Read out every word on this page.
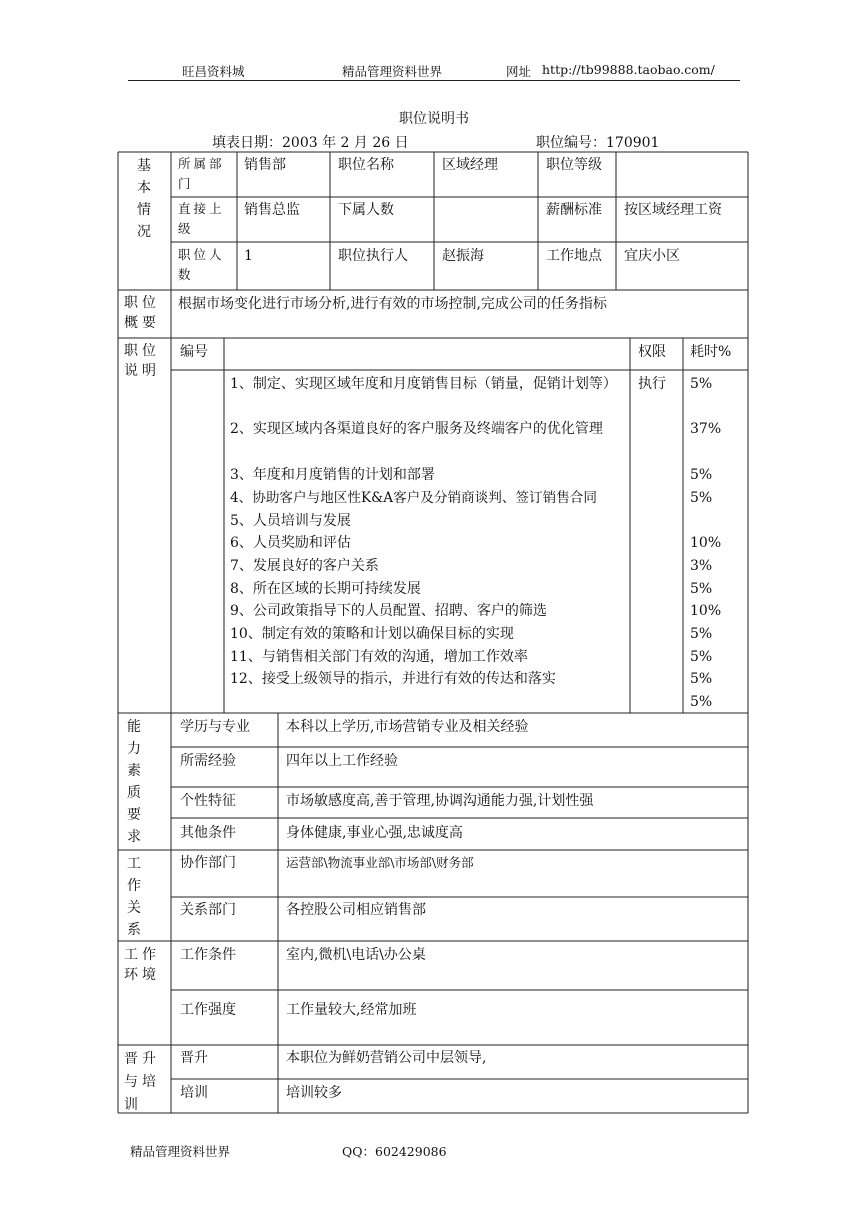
旺昌资料城	精品管理资料世界	网址 http://tb99888.taobao.com/
职位说明书
填表日期：2003 年 2 月 26 日	职位编号：170901
基本情况
所属部门
销售部	职位名称	区域经理	职位等级
直接上级
销售总监	下属人数	薪酬标准 按区域经理工资
职位人数
1	职位执行人 赵振海	工作地点 宜庆小区
职位概要
根据市场变化进行市场分析,进行有效的市场控制,完成公司的任务指标
职位说明
编号	权限 耗时%
1、制定、实现区域年度和月度销售目标（销量，促销计划等）	执行 5%
2、实现区域内各渠道良好的客户服务及终端客户的优化管理	37%
3、年度和月度销售的计划和部署	5%
4、协助客户与地区性K&A客户及分销商谈判、签订销售合同	5%
5、人员培训与发展
6、人员奖励和评估	10%
7、发展良好的客户关系	3%
8、所在区域的长期可持续发展	5%
9、公司政策指导下的人员配置、招聘、客户的筛选	10%
10、制定有效的策略和计划以确保目标的实现	5%
11、与销售相关部门有效的沟通，增加工作效率	5%
12、接受上级领导的指示，并进行有效的传达和落实	5%
5%
能力素质要求
学历与专业	本科以上学历,市场营销专业及相关经验
所需经验	四年以上工作经验
个性特征	市场敏感度高,善于管理,协调沟通能力强,计划性强
其他条件	身体健康,事业心强,忠诚度高
工作关系
协作部门	运营部\物流事业部\市场部\财务部
关系部门	各控股公司相应销售部
工作环境
工作条件	室内,微机\电话\办公桌
工作强度	工作量较大,经常加班
晋升与培训
晋升	本职位为鲜奶营销公司中层领导,
培训	培训较多
精品管理资料世界	QQ：602429086
